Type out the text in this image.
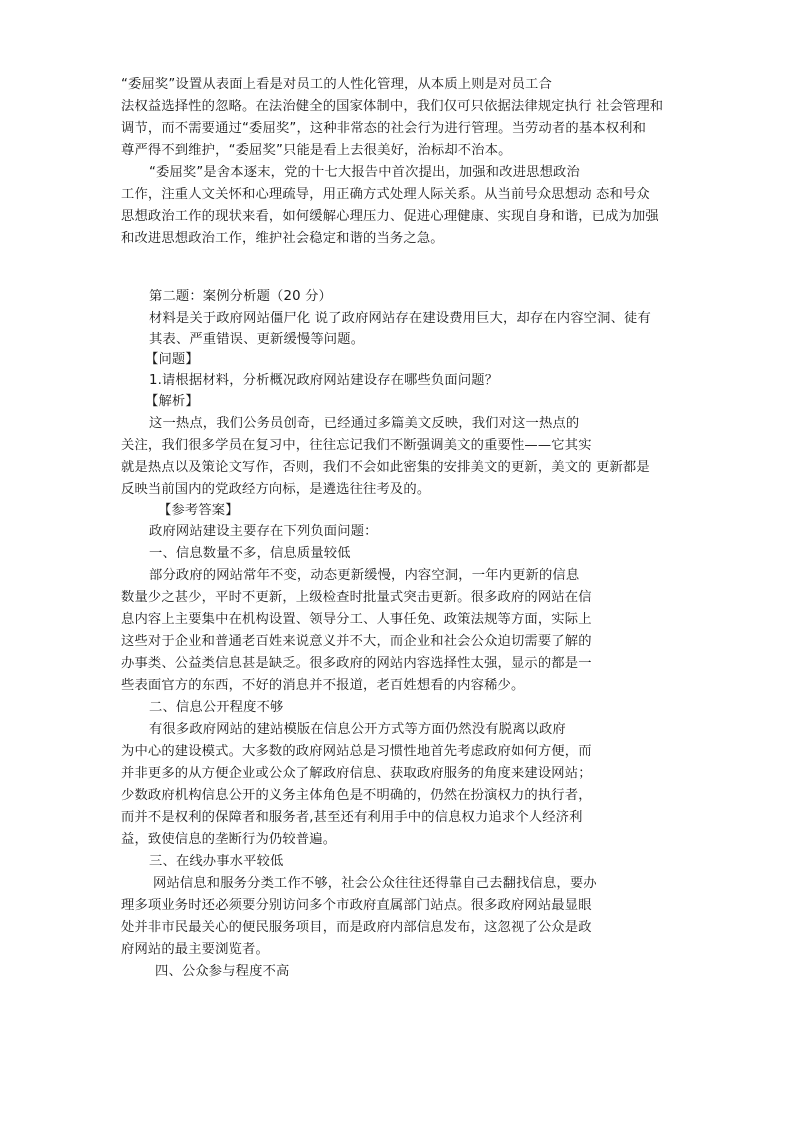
“委屈奖”设置从表面上看是对员工的人性化管理，从本质上则是对员工合
法权益选择性的忽略。在法治健全的国家体制中，我们仅可只依据法律规定执行 社会管理和
调节，而不需要通过“委屈奖”，这种非常态的社会行为进行管理。当劳动者的基本权利和
尊严得不到维护，“委屈奖”只能是看上去很美好，治标却不治本。
“委屈奖”是舍本逐末，党的十七大报告中首次提出，加强和改进思想政治
工作，注重人文关怀和心理疏导，用正确方式处理人际关系。从当前号众思想动 态和号众
思想政治工作的现状来看，如何缓解心理压力、促进心理健康、实现自身和谐，已成为加强
和改进思想政治工作，维护社会稳定和谐的当务之急。
第二题：案例分析题（20 分）
材料是关于政府网站僵尸化 说了政府网站存在建设费用巨大，却存在内容空洞、徒有
其表、严重错误、更新缓慢等问题。
【问题】
1.请根据材料，分析概况政府网站建设存在哪些负面问题？
【解析】
这一热点，我们公务员创奇，已经通过多篇美文反映，我们对这一热点的
关注，我们很多学员在复习中，往往忘记我们不断强调美文的重要性——它其实
就是热点以及策论文写作，否则，我们不会如此密集的安排美文的更新，美文的 更新都是
反映当前国内的党政经方向标，是遴选往往考及的。
【参考答案】
政府网站建设主要存在下列负面问题：
一、信息数量不多，信息质量较低
部分政府的网站常年不变，动态更新缓慢，内容空洞，一年内更新的信息
数量少之甚少，平时不更新，上级检查时批量式突击更新。很多政府的网站在信
息内容上主要集中在机构设置、领导分工、人事任免、政策法规等方面，实际上
这些对于企业和普通老百姓来说意义并不大，而企业和社会公众迫切需要了解的
办事类、公益类信息甚是缺乏。很多政府的网站内容选择性太强，显示的都是一
些表面官方的东西，不好的消息并不报道，老百姓想看的内容稀少。
二、信息公开程度不够
有很多政府网站的建站模版在信息公开方式等方面仍然没有脱离以政府
为中心的建设模式。大多数的政府网站总是习惯性地首先考虑政府如何方便，而
并非更多的从方便企业或公众了解政府信息、获取政府服务的角度来建设网站；
少数政府机构信息公开的义务主体角色是不明确的，仍然在扮演权力的执行者，
而并不是权利的保障者和服务者,甚至还有利用手中的信息权力追求个人经济利
益，致使信息的垄断行为仍较普遍。
三、在线办事水平较低
网站信息和服务分类工作不够，社会公众往往还得靠自己去翻找信息，要办
理多项业务时还必须要分别访问多个市政府直属部门站点。很多政府网站最显眼
处并非市民最关心的便民服务项目，而是政府内部信息发布，这忽视了公众是政
府网站的最主要浏览者。
四、公众参与程度不高
